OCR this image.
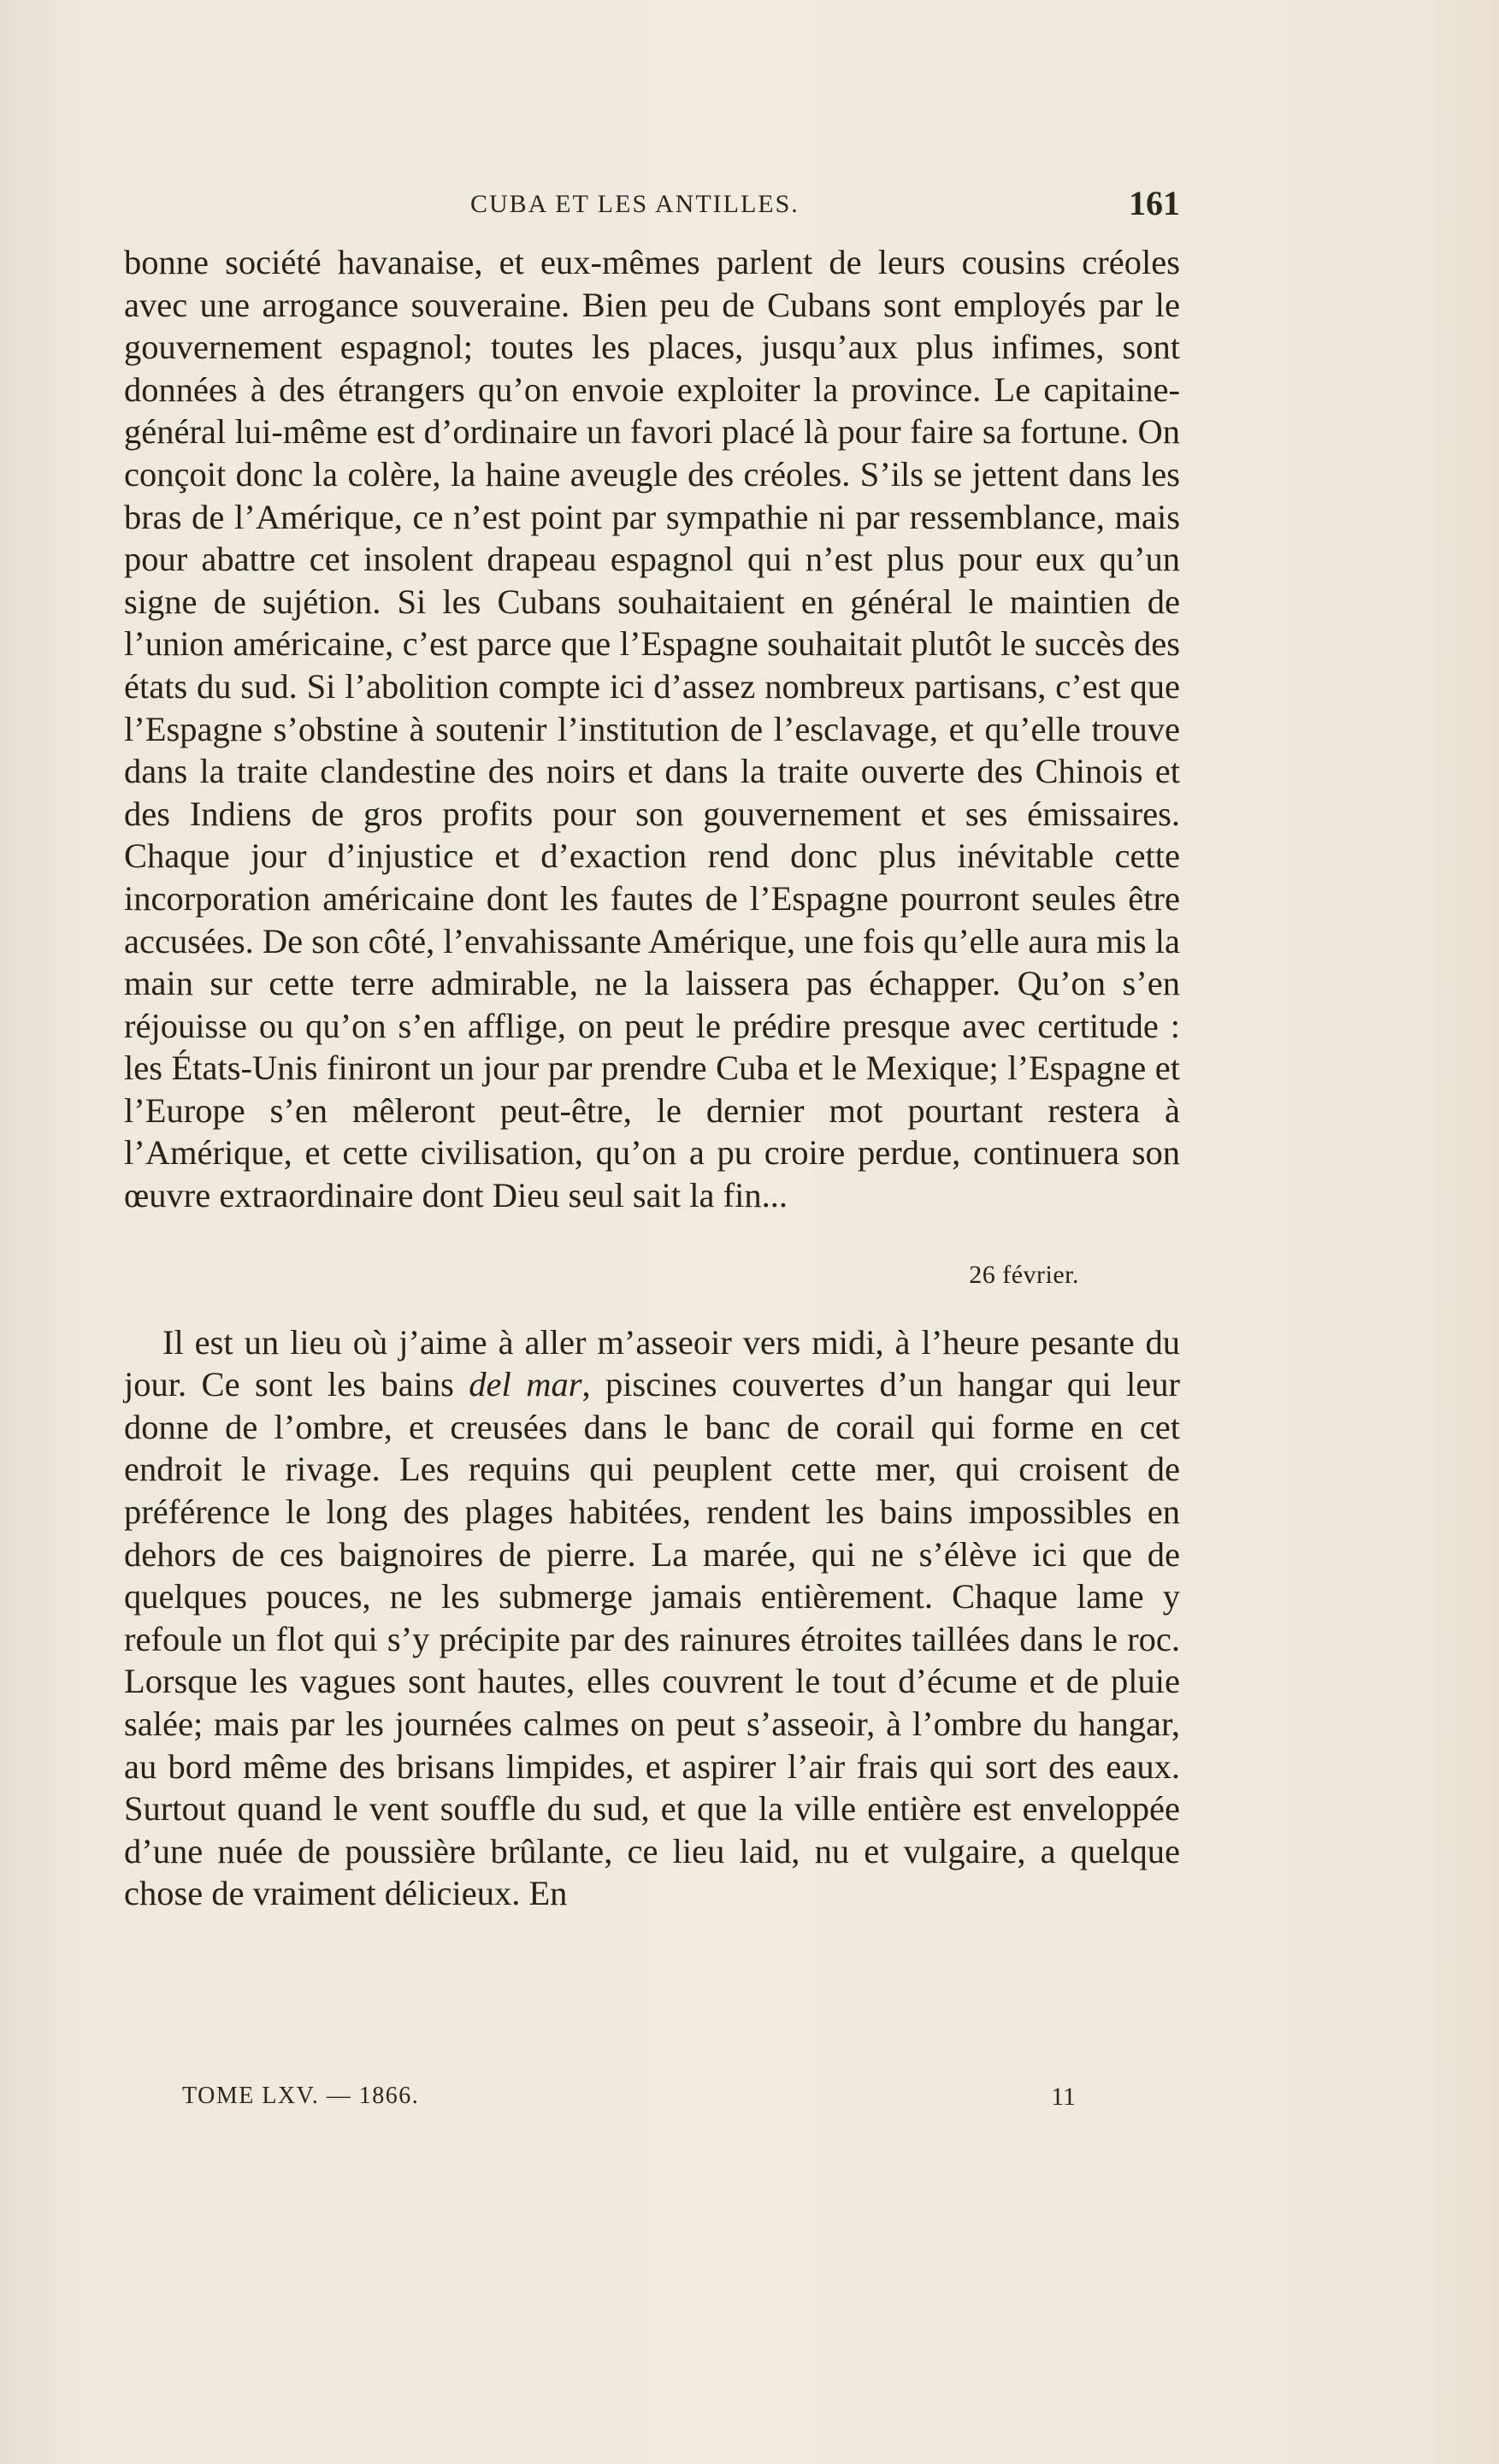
CUBA ET LES ANTILLES.	161

bonne société havanaise, et eux-mêmes parlent de leurs cousins créoles avec une arrogance souveraine. Bien peu de Cubans sont employés par le gouvernement espagnol; toutes les places, jusqu’aux plus infimes, sont données à des étrangers qu’on envoie exploiter la province. Le capitaine-général lui-même est d’ordinaire un favori placé là pour faire sa fortune. On conçoit donc la colère, la haine aveugle des créoles. S’ils se jettent dans les bras de l’Amérique, ce n’est point par sympathie ni par ressemblance, mais pour abattre cet insolent drapeau espagnol qui n’est plus pour eux qu’un signe de sujétion. Si les Cubans souhaitaient en général le maintien de l’union américaine, c’est parce que l’Espagne souhaitait plutôt le succès des états du sud. Si l’abolition compte ici d’assez nombreux partisans, c’est que l’Espagne s’obstine à soutenir l’institution de l’esclavage, et qu’elle trouve dans la traite clandestine des noirs et dans la traite ouverte des Chinois et des Indiens de gros profits pour son gouvernement et ses émissaires. Chaque jour d’injustice et d’exaction rend donc plus inévitable cette incorporation américaine dont les fautes de l’Espagne pourront seules être accusées. De son côté, l’envahissante Amérique, une fois qu’elle aura mis la main sur cette terre admirable, ne la laissera pas échapper. Qu’on s’en réjouisse ou qu’on s’en afflige, on peut le prédire presque avec certitude : les États-Unis finiront un jour par prendre Cuba et le Mexique; l’Espagne et l’Europe s’en mêleront peut-être, le dernier mot pourtant restera à l’Amérique, et cette civilisation, qu’on a pu croire perdue, continuera son œuvre extraordinaire dont Dieu seul sait la fin...

26 février.

Il est un lieu où j’aime à aller m’asseoir vers midi, à l’heure pesante du jour. Ce sont les bains del mar, piscines couvertes d’un hangar qui leur donne de l’ombre, et creusées dans le banc de corail qui forme en cet endroit le rivage. Les requins qui peuplent cette mer, qui croisent de préférence le long des plages habitées, rendent les bains impossibles en dehors de ces baignoires de pierre. La marée, qui ne s’élève ici que de quelques pouces, ne les submerge jamais entièrement. Chaque lame y refoule un flot qui s’y précipite par des rainures étroites taillées dans le roc. Lorsque les vagues sont hautes, elles couvrent le tout d’écume et de pluie salée; mais par les journées calmes on peut s’asseoir, à l’ombre du hangar, au bord même des brisans limpides, et aspirer l’air frais qui sort des eaux. Surtout quand le vent souffle du sud, et que la ville entière est enveloppée d’une nuée de poussière brûlante, ce lieu laid, nu et vulgaire, a quelque chose de vraiment délicieux. En

TOME LXV. — 1866.	11
